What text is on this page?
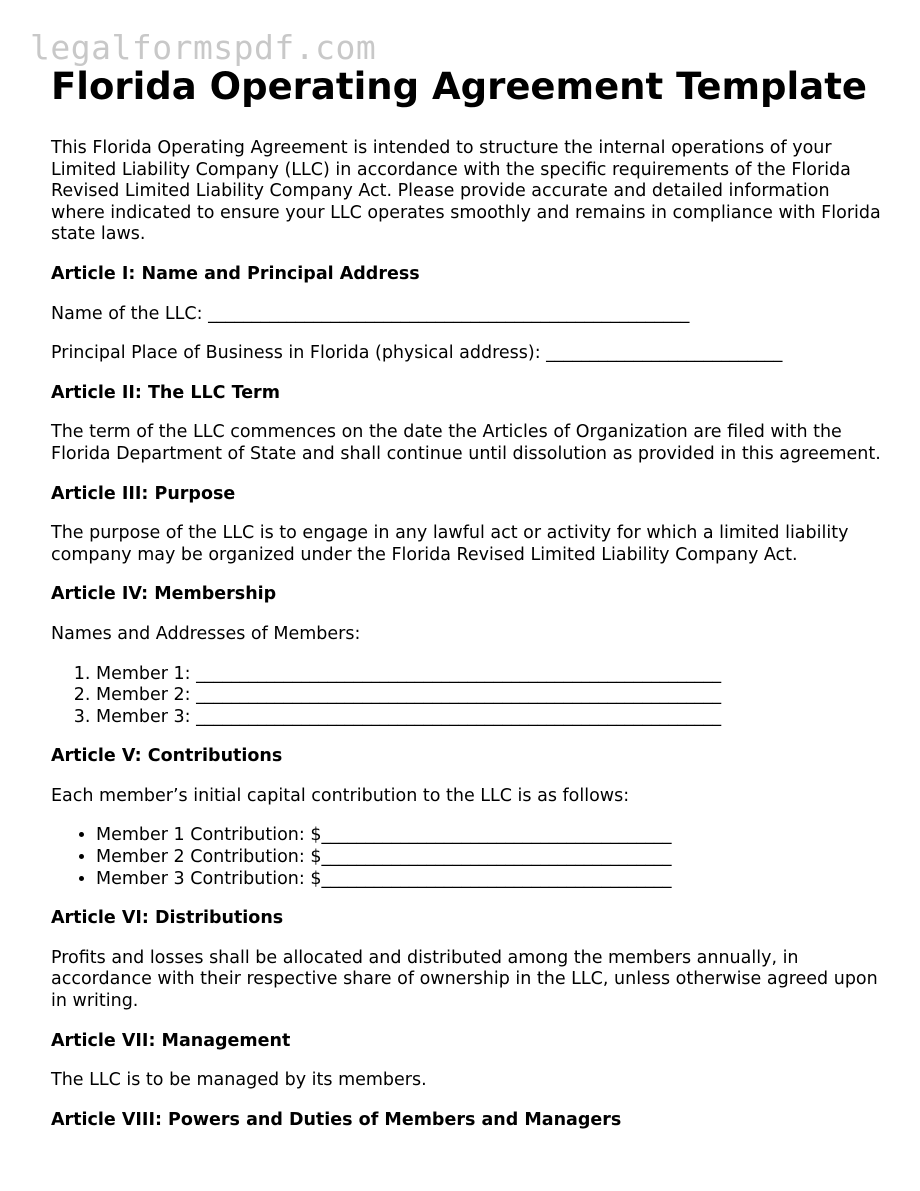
legalformspdf.com
Florida Operating Agreement Template

This Florida Operating Agreement is intended to structure the internal operations of your Limited Liability Company (LLC) in accordance with the specific requirements of the Florida Revised Limited Liability Company Act. Please provide accurate and detailed information where indicated to ensure your LLC operates smoothly and remains in compliance with Florida state laws.

Article I: Name and Principal Address

Name of the LLC: _______________________________________________________

Principal Place of Business in Florida (physical address): ___________________________

Article II: The LLC Term

The term of the LLC commences on the date the Articles of Organization are filed with the Florida Department of State and shall continue until dissolution as provided in this agreement.

Article III: Purpose

The purpose of the LLC is to engage in any lawful act or activity for which a limited liability company may be organized under the Florida Revised Limited Liability Company Act.

Article IV: Membership

Names and Addresses of Members:

1. Member 1: ____________________________________________________________
2. Member 2: ____________________________________________________________
3. Member 3: ____________________________________________________________
Article V: Contributions

Each member’s initial capital contribution to the LLC is as follows:

• Member 1 Contribution: $________________________________________
• Member 2 Contribution: $________________________________________
• Member 3 Contribution: $________________________________________
Article VI: Distributions

Profits and losses shall be allocated and distributed among the members annually, in accordance with their respective share of ownership in the LLC, unless otherwise agreed upon in writing.

Article VII: Management

The LLC is to be managed by its members.

Article VIII: Powers and Duties of Members and Managers
